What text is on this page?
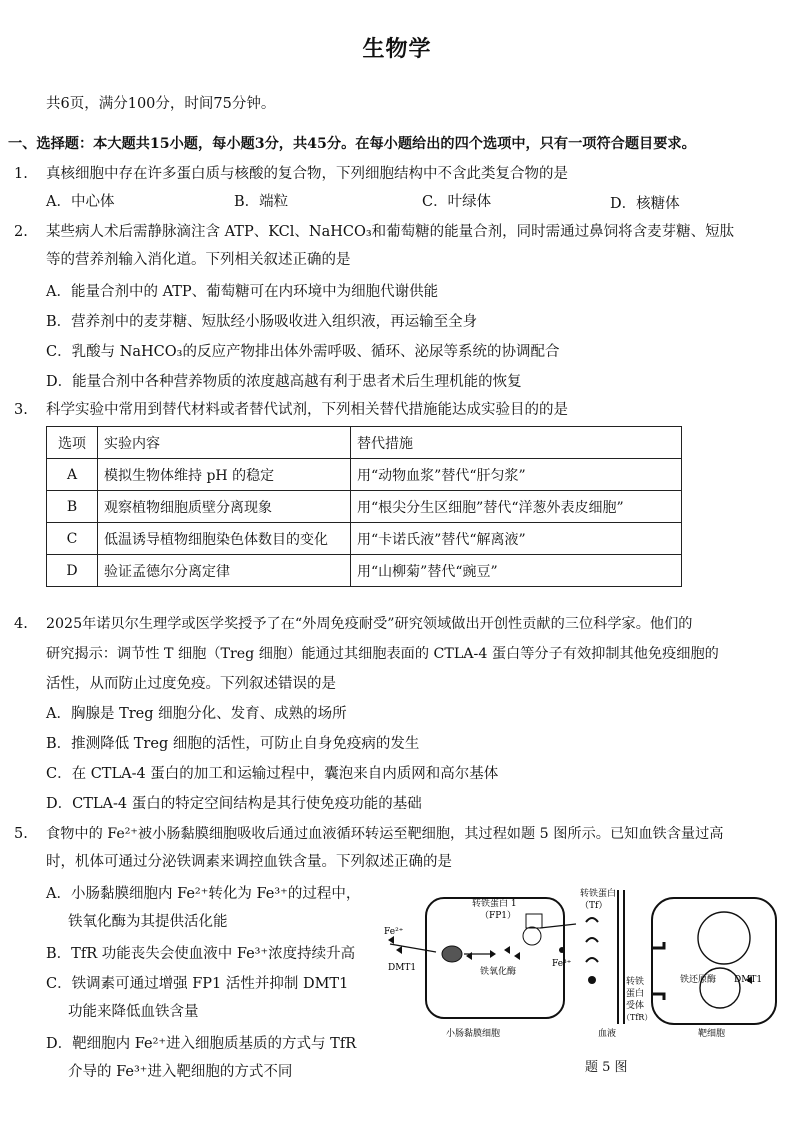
生物学
共6页，满分100分，时间75分钟。
一、选择题：本大题共15小题，每小题3分，共45分。在每小题给出的四个选项中，只有一项符合题目要求。
1. 真核细胞中存在许多蛋白质与核酸的复合物，下列细胞结构中不含此类复合物的是
A．中心体	B．端粒	C．叶绿体	D．核糖体
2. 某些病人术后需静脉滴注含 ATP、KCl、NaHCO₃和葡萄糖的能量合剂，同时需通过鼻饲将含麦芽糖、短肽
等的营养剂输入消化道。下列相关叙述正确的是
A．能量合剂中的 ATP、葡萄糖可在内环境中为细胞代谢供能
B．营养剂中的麦芽糖、短肽经小肠吸收进入组织液，再运输至全身
C．乳酸与 NaHCO₃的反应产物排出体外需呼吸、循环、泌尿等系统的协调配合
D．能量合剂中各种营养物质的浓度越高越有利于患者术后生理机能的恢复
3. 科学实验中常用到替代材料或者替代试剂，下列相关替代措施能达成实验目的的是
选项	实验内容	替代措施
A	模拟生物体维持 pH 的稳定	用“动物血浆”替代“肝匀浆”
B	观察植物细胞质壁分离现象	用“根尖分生区细胞”替代“洋葱外表皮细胞”
C	低温诱导植物细胞染色体数目的变化	用“卡诺氏液”替代“解离液”
D	验证孟德尔分离定律	用“山柳菊”替代“豌豆”
4. 2025年诺贝尔生理学或医学奖授予了在“外周免疫耐受”研究领域做出开创性贡献的三位科学家。他们的
研究揭示：调节性 T 细胞（Treg 细胞）能通过其细胞表面的 CTLA-4 蛋白等分子有效抑制其他免疫细胞的
活性，从而防止过度免疫。下列叙述错误的是
A．胸腺是 Treg 细胞分化、发育、成熟的场所
B．推测降低 Treg 细胞的活性，可防止自身免疫病的发生
C．在 CTLA-4 蛋白的加工和运输过程中，囊泡来自内质网和高尔基体
D．CTLA-4 蛋白的特定空间结构是其行使免疫功能的基础
5. 食物中的 Fe²⁺被小肠黏膜细胞吸收后通过血液循环转运至靶细胞，其过程如题 5 图所示。已知血铁含量过高
时，机体可通过分泌铁调素来调控血铁含量。下列叙述正确的是
A．小肠黏膜细胞内 Fe²⁺转化为 Fe³⁺的过程中，
铁氧化酶为其提供活化能
B．TfR 功能丧失会使血液中 Fe³⁺浓度持续升高
C．铁调素可通过增强 FP1 活性并抑制 DMT1
功能来降低血铁含量
D．靶细胞内 Fe²⁺进入细胞质基质的方式与 TfR
介导的 Fe³⁺进入靶细胞的方式不同
Fe²⁺
DMT1
转铁蛋白 1
（FP1）
铁氧化酶
Fe³⁺
转铁蛋白
（Tf）
转铁
蛋白
受体
（TfR）
铁还原酶 DMT1
小肠黏膜细胞	血液	靶细胞
题 5 图
